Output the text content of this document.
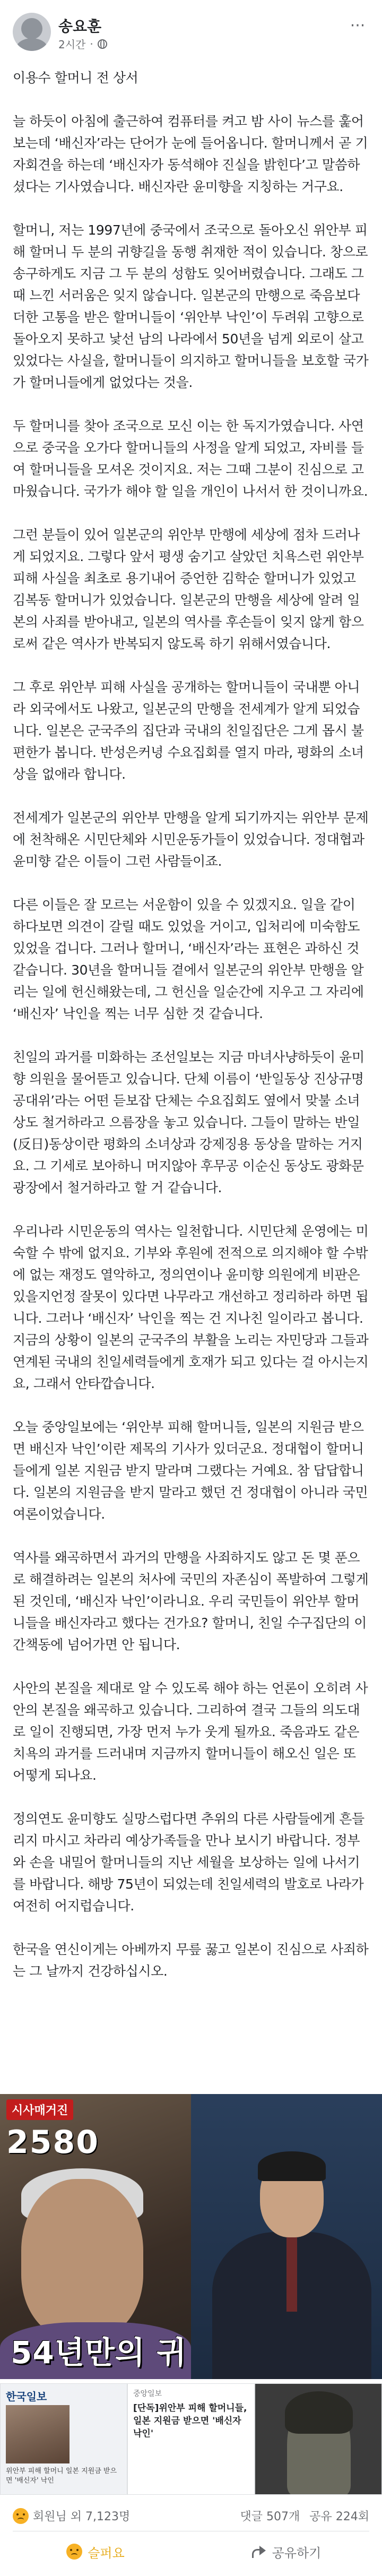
송요훈
2시간 ·
···

이용수 할머니 전 상서

늘 하듯이 아침에 출근하여 컴퓨터를 켜고 밤 사이 뉴스를 훑어보는데 ‘배신자’라는 단어가 눈에 들어옵니다. 할머니께서 곧 기자회견을 하는데 ‘배신자가 동석해야 진실을 밝힌다’고 말씀하셨다는 기사였습니다. 배신자란 윤미향을 지칭하는 거구요.

할머니, 저는 1997년에 중국에서 조국으로 돌아오신 위안부 피해 할머니 두 분의 귀향길을 동행 취재한 적이 있습니다. 창으로 송구하게도 지금 그 두 분의 성함도 잊어버렸습니다. 그래도 그때 느낀 서러움은 잊지 않습니다. 일본군의 만행으로 죽음보다 더한 고통을 받은 할머니들이 ‘위안부 낙인’이 두려워 고향으로 돌아오지 못하고 낯선 남의 나라에서 50년을 넘게 외로이 살고 있었다는 사실을, 할머니들이 의지하고 할머니들을 보호할 국가가 할머니들에게 없었다는 것을.

두 할머니를 찾아 조국으로 모신 이는 한 독지가였습니다. 사연으로 중국을 오가다 할머니들의 사정을 알게 되었고, 자비를 들여 할머니들을 모셔온 것이지요. 저는 그때 그분이 진심으로 고마웠습니다. 국가가 해야 할 일을 개인이 나서서 한 것이니까요.

그런 분들이 있어 일본군의 위안부 만행에 세상에 점차 드러나게 되었지요. 그렇다 앞서 평생 숨기고 살았던 치욕스런 위안부 피해 사실을 최초로 용기내어 증언한 김학순 할머니가 있었고 김복동 할머니가 있었습니다. 일본군의 만행을 세상에 알려 일본의 사죄를 받아내고, 일본의 역사를 후손들이 잊지 않게 함으로써 같은 역사가 반복되지 않도록 하기 위해서였습니다.

그 후로 위안부 피해 사실을 공개하는 할머니들이 국내뿐 아니라 외국에서도 나왔고, 일본군의 만행을 전세계가 알게 되었습니다. 일본은 군국주의 집단과 국내의 친일집단은 그게 몹시 불편한가 봅니다. 반성은커녕 수요집회를 열지 마라, 평화의 소녀상을 없애라 합니다.

전세계가 일본군의 위안부 만행을 알게 되기까지는 위안부 문제에 천착해온 시민단체와 시민운동가들이 있었습니다. 정대협과 윤미향 같은 이들이 그런 사람들이죠.

다른 이들은 잘 모르는 서운함이 있을 수 있겠지요. 일을 같이 하다보면 의견이 갈릴 때도 있었을 거이고, 입처리에 미숙함도 있었을 겁니다. 그러나 할머니, ‘배신자’라는 표현은 과하신 것 같습니다. 30년을 할머니들 곁에서 일본군의 위안부 만행을 알리는 일에 헌신해왔는데, 그 헌신을 일순간에 지우고 그 자리에 ‘배신자’ 낙인을 찍는 너무 심한 것 같습니다.

친일의 과거를 미화하는 조선일보는 지금 마녀사냥하듯이 윤미향 의원을 물어뜯고 있습니다. 단체 이름이 ‘반일동상 진상규명 공대위’라는 어떤 듣보잡 단체는 수요집회도 옆에서 맞불 소녀상도 철거하라고 으름장을 놓고 있습니다. 그들이 말하는 반일(反日)동상이란 평화의 소녀상과 강제징용 동상을 말하는 거지요. 그 기세로 보아하니 머지않아 후무공 이순신 동상도 광화문광장에서 철거하라고 할 거 같습니다.

우리나라 시민운동의 역사는 일천합니다. 시민단체 운영에는 미숙할 수 밖에 없지요. 기부와 후원에 전적으로 의지해야 할 수밖에 없는 재정도 열악하고, 정의연이나 윤미향 의원에게 비판은 있을지언정 잘못이 있다면 나무라고 개선하고 정리하라 하면 됩니다. 그러나 ‘배신자’ 낙인을 찍는 건 지나친 일이라고 봅니다. 지금의 상황이 일본의 군국주의 부활을 노리는 자민당과 그들과 연계된 국내의 친일세력들에게 호재가 되고 있다는 걸 아시는지요, 그래서 안타깝습니다.

오늘 중앙일보에는 ‘위안부 피해 할머니들, 일본의 지원금 받으면 배신자 낙인’이란 제목의 기사가 있더군요. 정대협이 할머니들에게 일본 지원금 받지 말라며 그랬다는 거예요. 참 답답합니다. 일본의 지원금을 받지 말라고 했던 건 정대협이 아니라 국민 여론이었습니다.

역사를 왜곡하면서 과거의 만행을 사죄하지도 않고 돈 몇 푼으로 해결하려는 일본의 처사에 국민의 자존심이 폭발하여 그렇게 된 것인데, ‘배신자 낙인’이라니요. 우리 국민들이 위안부 할머니들을 배신자라고 했다는 건가요? 할머니, 친일 수구집단의 이간책동에 넘어가면 안 됩니다.

사안의 본질을 제대로 알 수 있도록 해야 하는 언론이 오히려 사안의 본질을 왜곡하고 있습니다. 그리하여 결국 그들의 의도대로 일이 진행되면, 가장 먼저 누가 웃게 될까요. 죽음과도 같은 치욕의 과거를 드러내며 지금까지 할머니들이 해오신 일은 또 어떻게 되나요.

정의연도 윤미향도 실망스럽다면 추위의 다른 사람들에게 흔들리지 마시고 차라리 예상가족들을 만나 보시기 바랍니다. 정부와 손을 내밀어 할머니들의 지난 세월을 보상하는 일에 나서기를 바랍니다. 해방 75년이 되었는데 친일세력의 발호로 나라가 여전히 어지럽습니다.

한국을 연신이게는 아베까지 무릎 꿇고 일본이 진심으로 사죄하는 그 날까지 건강하십시오.

시사매거진
2580
54년만의 귀
한국일보
위안부 피해 할머니 일본 지원금 받으면 '배신자' 낙인
중앙일보
[단독]위안부 피해 할머니들, 일본 지원금 받으면 '배신자 낙인'
회원님 외 7,123명	댓글 507개 공유 224회
슬퍼요	공유하기
